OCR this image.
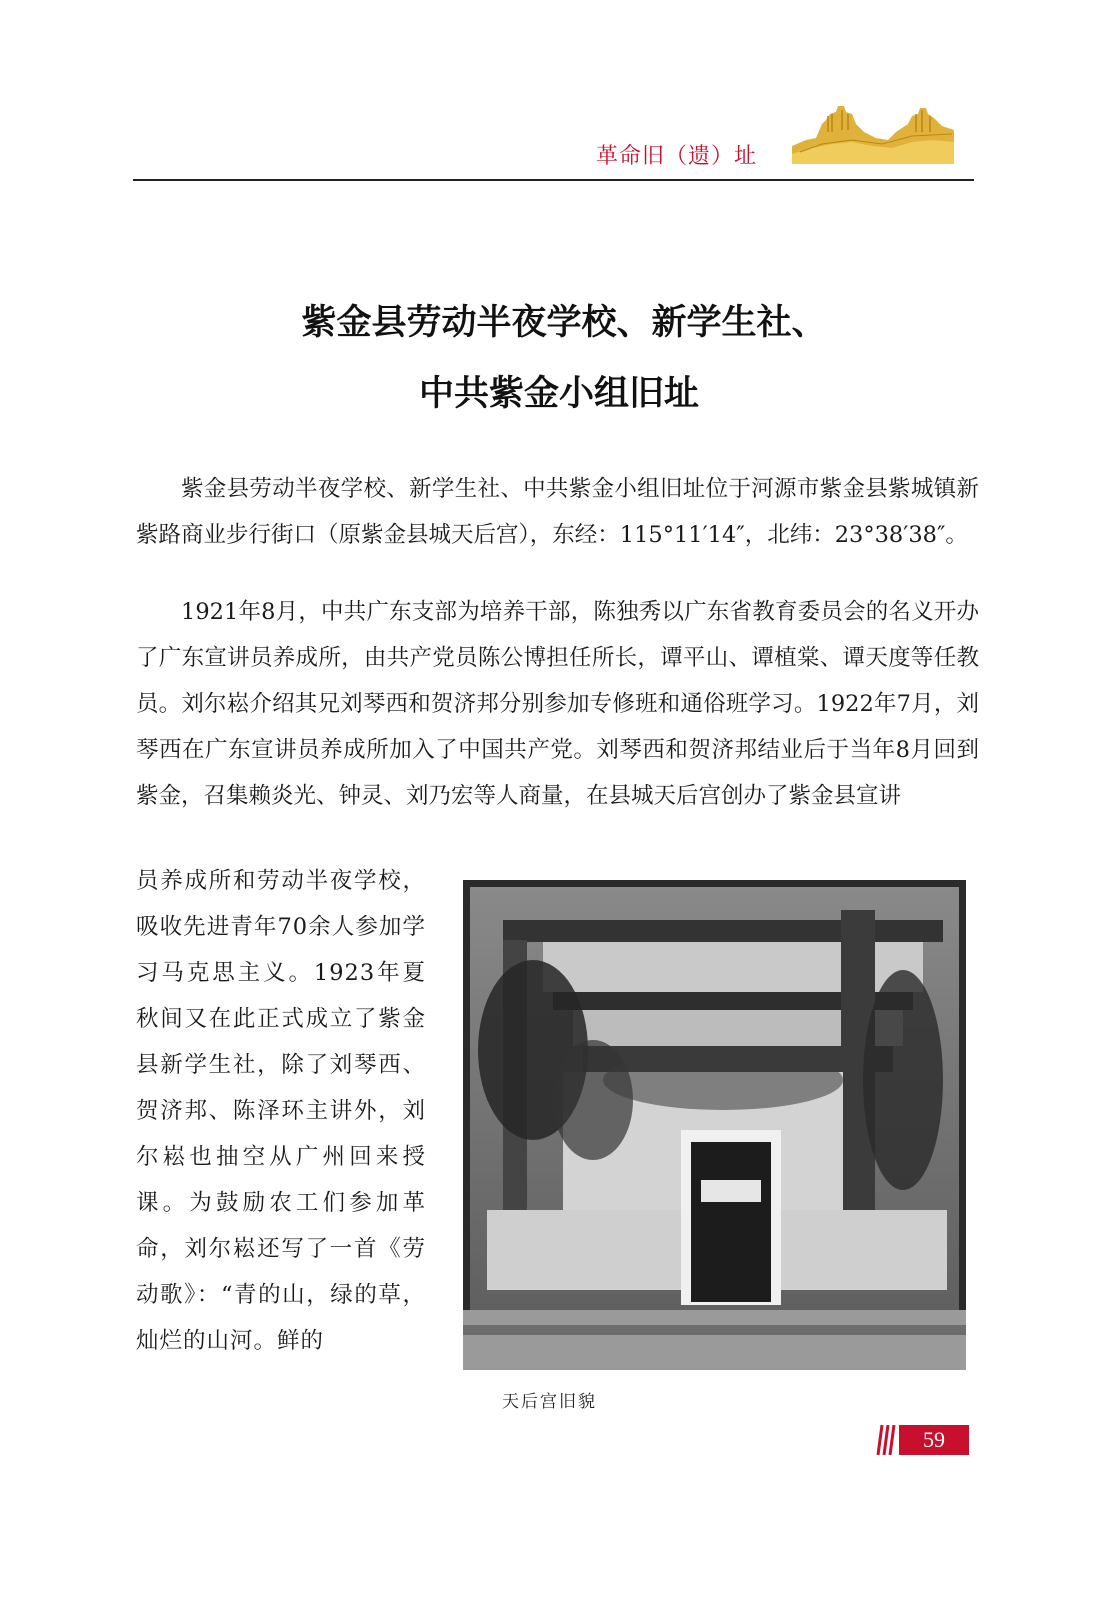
革命旧（遗）址
紫金县劳动半夜学校、新学生社、
中共紫金小组旧址

紫金县劳动半夜学校、新学生社、中共紫金小组旧址位于河源市紫金县紫城镇新紫路商业步行街口（原紫金县城天后宫），东经：115°11′14″，北纬：23°38′38″。

1921年8月，中共广东支部为培养干部，陈独秀以广东省教育委员会的名义开办了广东宣讲员养成所，由共产党员陈公博担任所长，谭平山、谭植棠、谭天度等任教员。刘尔崧介绍其兄刘琴西和贺济邦分别参加专修班和通俗班学习。1922年7月，刘琴西在广东宣讲员养成所加入了中国共产党。刘琴西和贺济邦结业后于当年8月回到紫金，召集赖炎光、钟灵、刘乃宏等人商量，在县城天后宫创办了紫金县宣讲

员养成所和劳动半夜学校，吸收先进青年70余人参加学习马克思主义。1923年夏秋间又在此正式成立了紫金县新学生社，除了刘琴西、贺济邦、陈泽环主讲外，刘尔崧也抽空从广州回来授课。为鼓励农工们参加革命，刘尔崧还写了一首《劳动歌》：“青的山，绿的草，灿烂的山河。鲜的

天后宫旧貌
59
